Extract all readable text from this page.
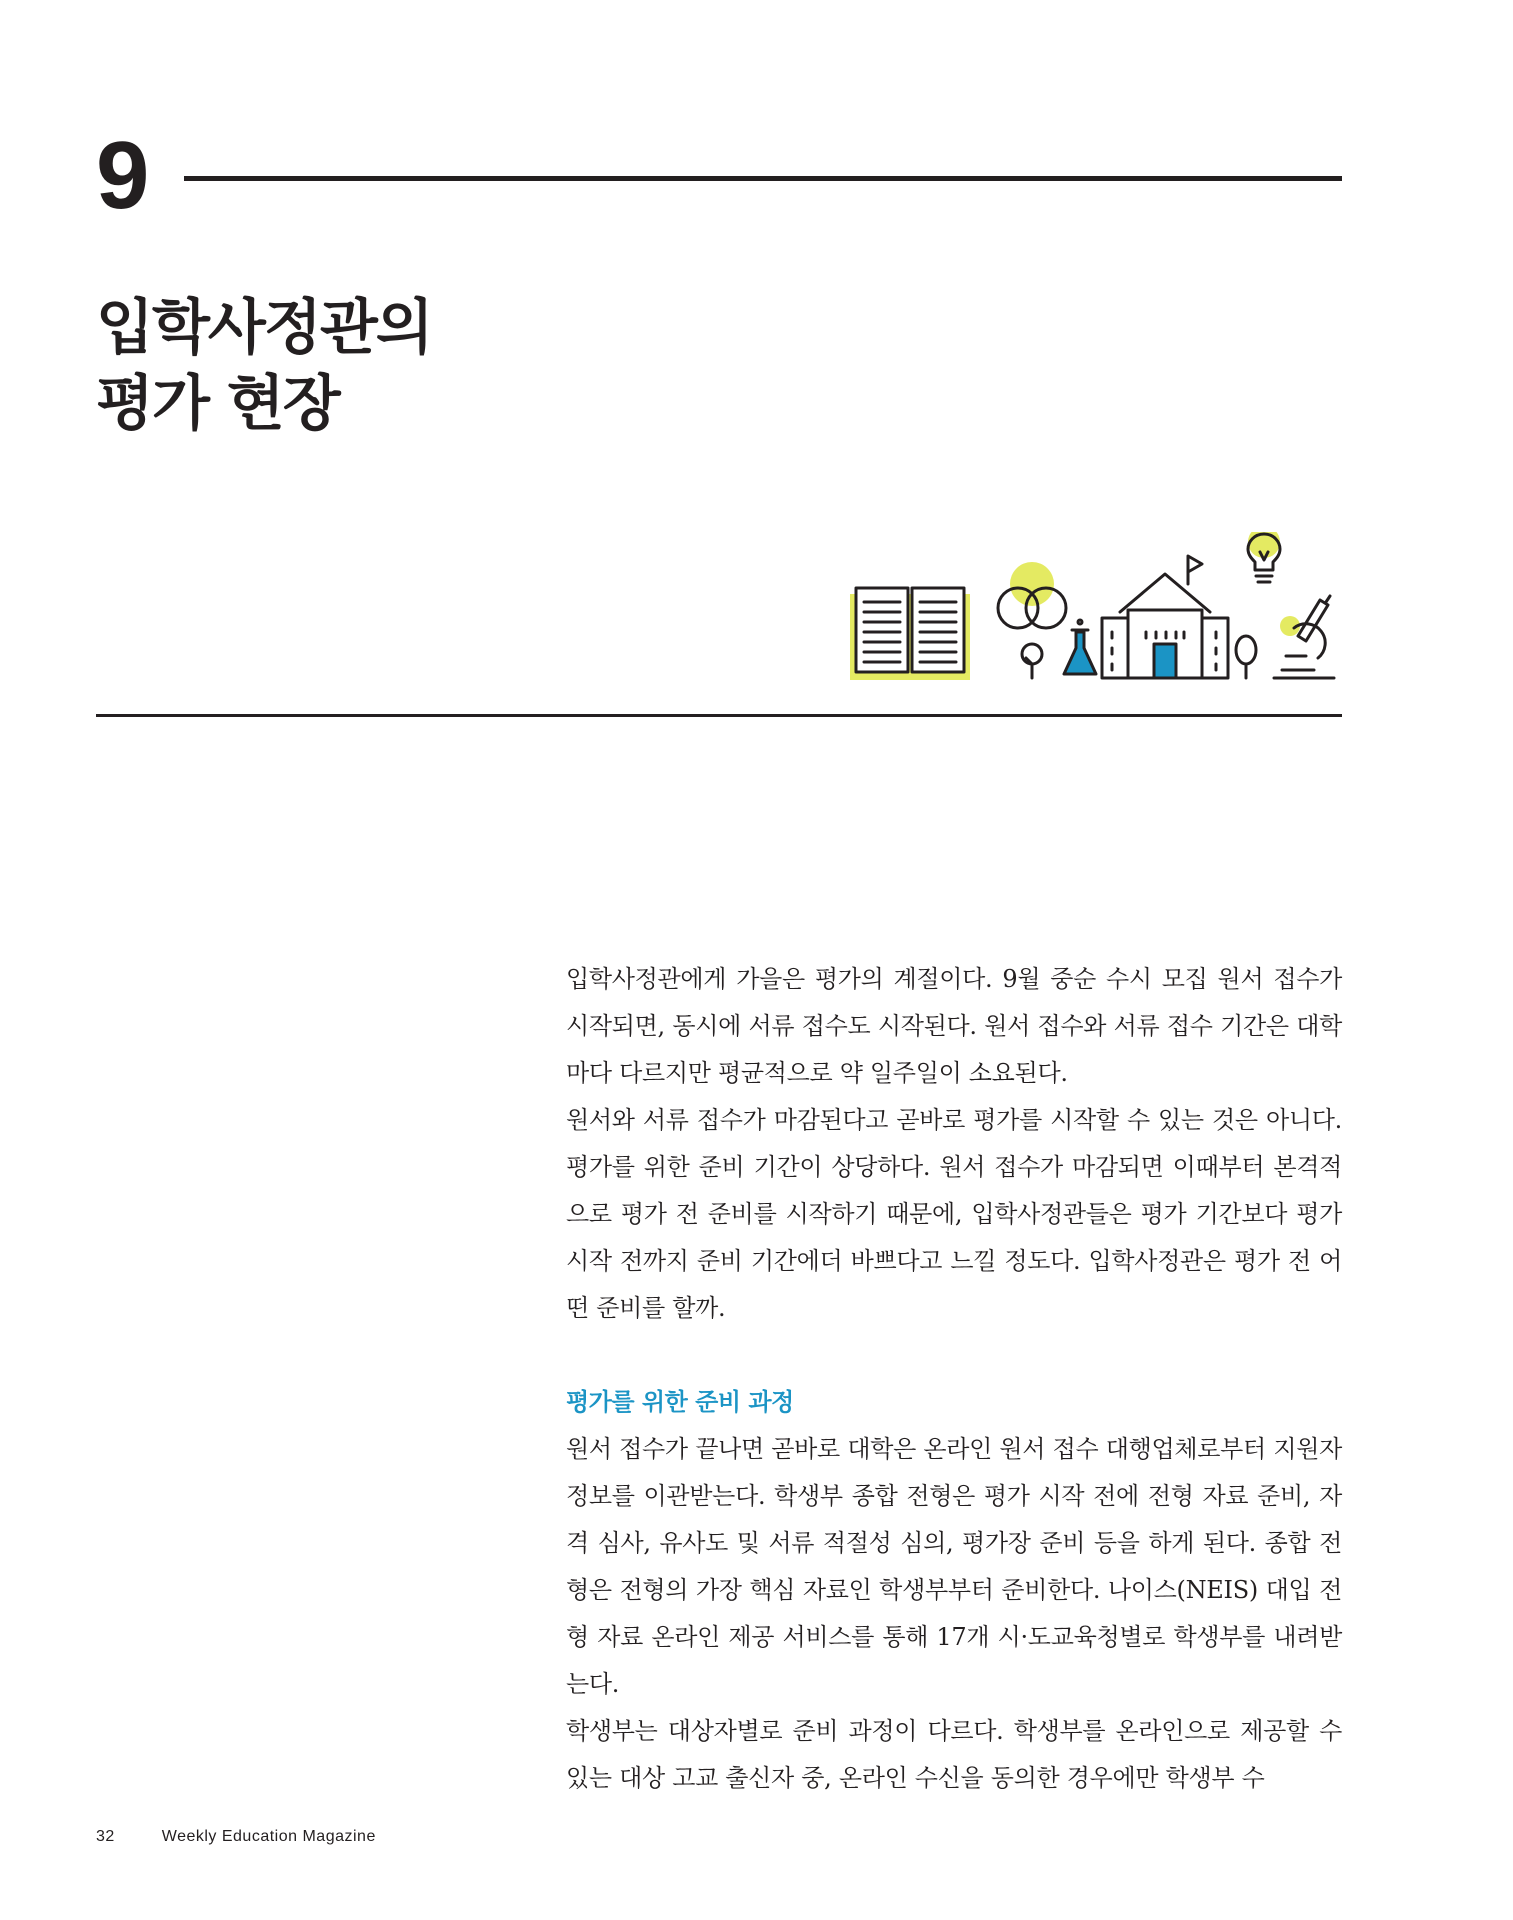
9
입학사정관의
평가 현장

입학사정관에게 가을은 평가의 계절이다. 9월 중순 수시 모집 원서 접수가 시작되면, 동시에 서류 접수도 시작된다. 원서 접수와 서류 접수 기간은 대학마다 다르지만 평균적으로 약 일주일이 소요된다.

원서와 서류 접수가 마감된다고 곧바로 평가를 시작할 수 있는 것은 아니다. 평가를 위한 준비 기간이 상당하다. 원서 접수가 마감되면 이때부터 본격적으로 평가 전 준비를 시작하기 때문에, 입학사정관들은 평가 기간보다 평가 시작 전까지 준비 기간에더 바쁘다고 느낄 정도다. 입학사정관은 평가 전 어떤 준비를 할까.

평가를 위한 준비 과정

원서 접수가 끝나면 곧바로 대학은 온라인 원서 접수 대행업체로부터 지원자 정보를 이관받는다. 학생부 종합 전형은 평가 시작 전에 전형 자료 준비, 자격 심사, 유사도 및 서류 적절성 심의, 평가장 준비 등을 하게 된다. 종합 전형은 전형의 가장 핵심 자료인 학생부부터 준비한다. 나이스(NEIS) 대입 전형 자료 온라인 제공 서비스를 통해 17개 시·도교육청별로 학생부를 내려받는다.

학생부는 대상자별로 준비 과정이 다르다. 학생부를 온라인으로 제공할 수 있는 대상 고교 출신자 중, 온라인 수신을 동의한 경우에만 학생부 수

32	Weekly Education Magazine
